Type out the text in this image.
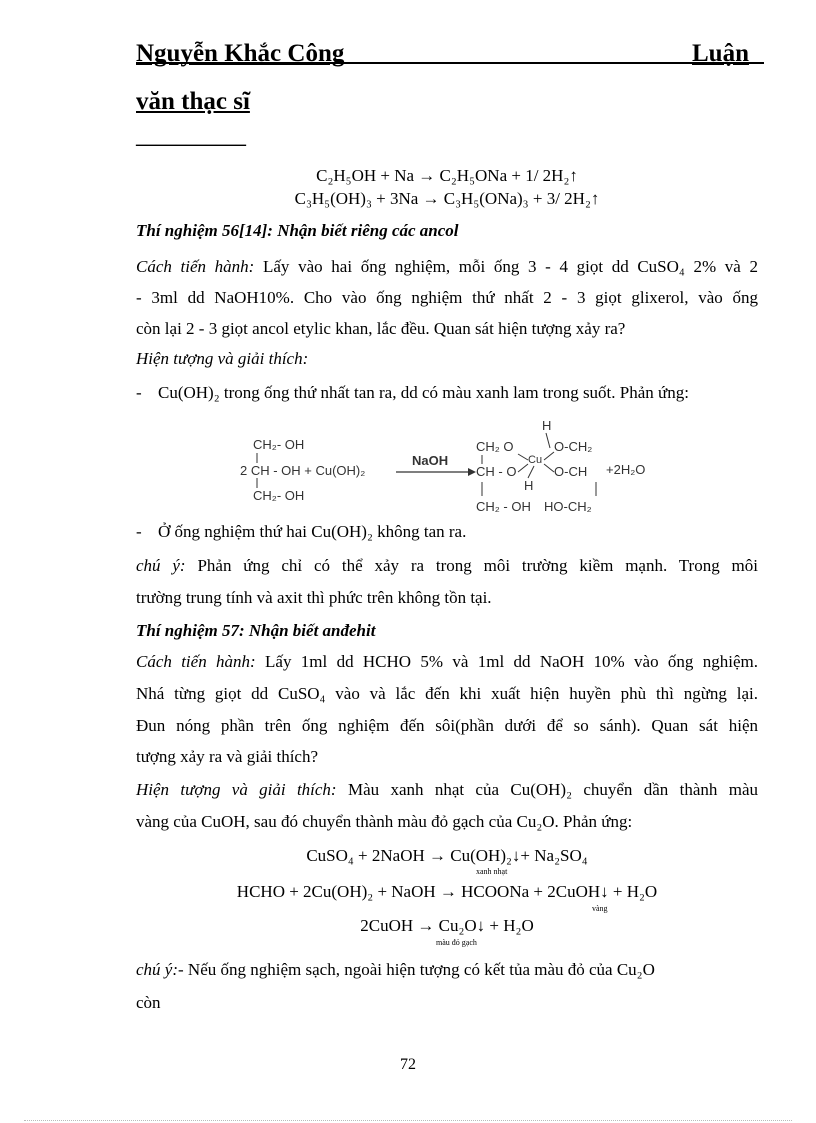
Nguyễn Khắc Công	Luận
văn thạc sĩ
___________
C₂H₅OH + Na → C₂H₅ONa + 1/ 2H₂↑
C₃H₅(OH)₃ + 3Na → C₃H₅(ONa)₃ + 3/ 2H₂↑
Thí nghiệm 56[14]: Nhận biết riêng các ancol
Cách tiến hành: Lấy vào hai ống nghiệm, mỗi ống 3 - 4 giọt dd CuSO₄ 2% và 2
- 3ml dd NaOH10%. Cho vào ống nghiệm thứ nhất 2 - 3 giọt glixerol, vào ống
còn lại 2 - 3 giọt ancol etylic khan, lắc đều. Quan sát hiện tượng xảy ra?
Hiện tượng và giải thích:
- Cu(OH)₂ trong ống thứ nhất tan ra, dd có màu xanh lam trong suốt. Phản ứng:
CH₂- OH
2 CH - OH + Cu(OH)₂
CH₂- OH
NaOH
CH₂ O
CH - O
CH₂ - OH
H
H
Cu
O-CH₂
O-CH
HO-CH₂
+2H₂O
- Ở ống nghiệm thứ hai Cu(OH)₂ không tan ra.
chú ý: Phản ứng chỉ có thể xảy ra trong môi trường kiềm mạnh. Trong môi
trường trung tính và axit thì phức trên không tồn tại.
Thí nghiệm 57: Nhận biết anđehit
Cách tiến hành: Lấy 1ml dd HCHO 5% và 1ml dd NaOH 10% vào ống nghiệm.
Nhá từng giọt dd CuSO₄ vào và lắc đến khi xuất hiện huyền phù thì ngừng lại.
Đun nóng phần trên ống nghiệm đến sôi(phần dưới để so sánh). Quan sát hiện
tượng xảy ra và giải thích?
Hiện tượng và giải thích: Màu xanh nhạt của Cu(OH)₂ chuyển dần thành màu
vàng của CuOH, sau đó chuyển thành màu đỏ gạch của Cu₂O. Phản ứng:
CuSO₄ + 2NaOH → Cu(OH)₂↓+ Na₂SO₄
xanh nhạt
HCHO + 2Cu(OH)₂ + NaOH → HCOONa + 2CuOH↓ + H₂O
vàng
2CuOH → Cu₂O↓ + H₂O
màu đỏ gạch
chú ý:- Nếu ống nghiệm sạch, ngoài hiện tượng có kết tủa màu đỏ của Cu₂O
còn
72
